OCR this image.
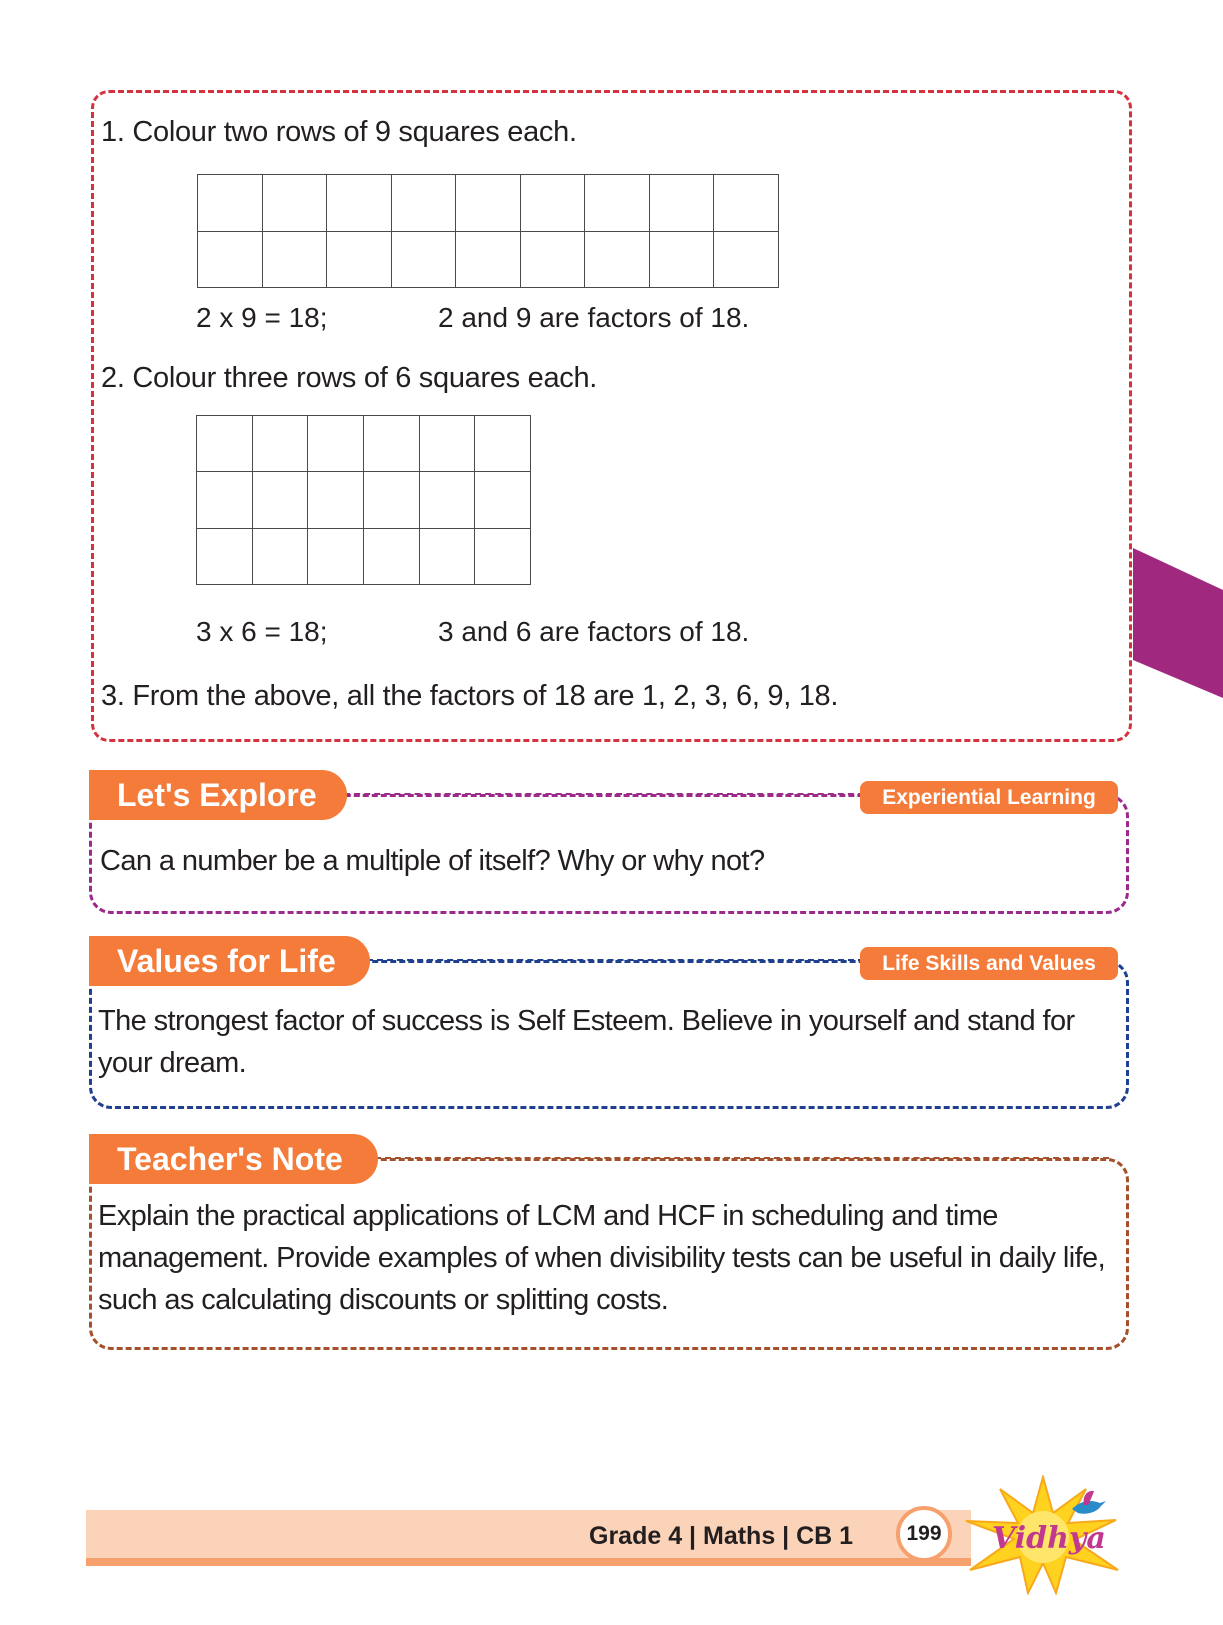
1. Colour two rows of 9 squares each.

2 x 9 = 18;	2 and 9 are factors of 18.
2. Colour three rows of 6 squares each.

3 x 6 = 18;	3 and 6 are factors of 18.
3. From the above, all the factors of 18 are 1, 2, 3, 6, 9, 18.
Let's Explore	Experiential Learning
Can a number be a multiple of itself? Why or why not?
Values for Life	Life Skills and Values
The strongest factor of success is Self Esteem. Believe in yourself and stand for your dream.
Teacher's Note
Explain the practical applications of LCM and HCF in scheduling and time management. Provide examples of when divisibility tests can be useful in daily life, such as calculating discounts or splitting costs.
Grade 4 | Maths | CB 1	199 Vidhya
